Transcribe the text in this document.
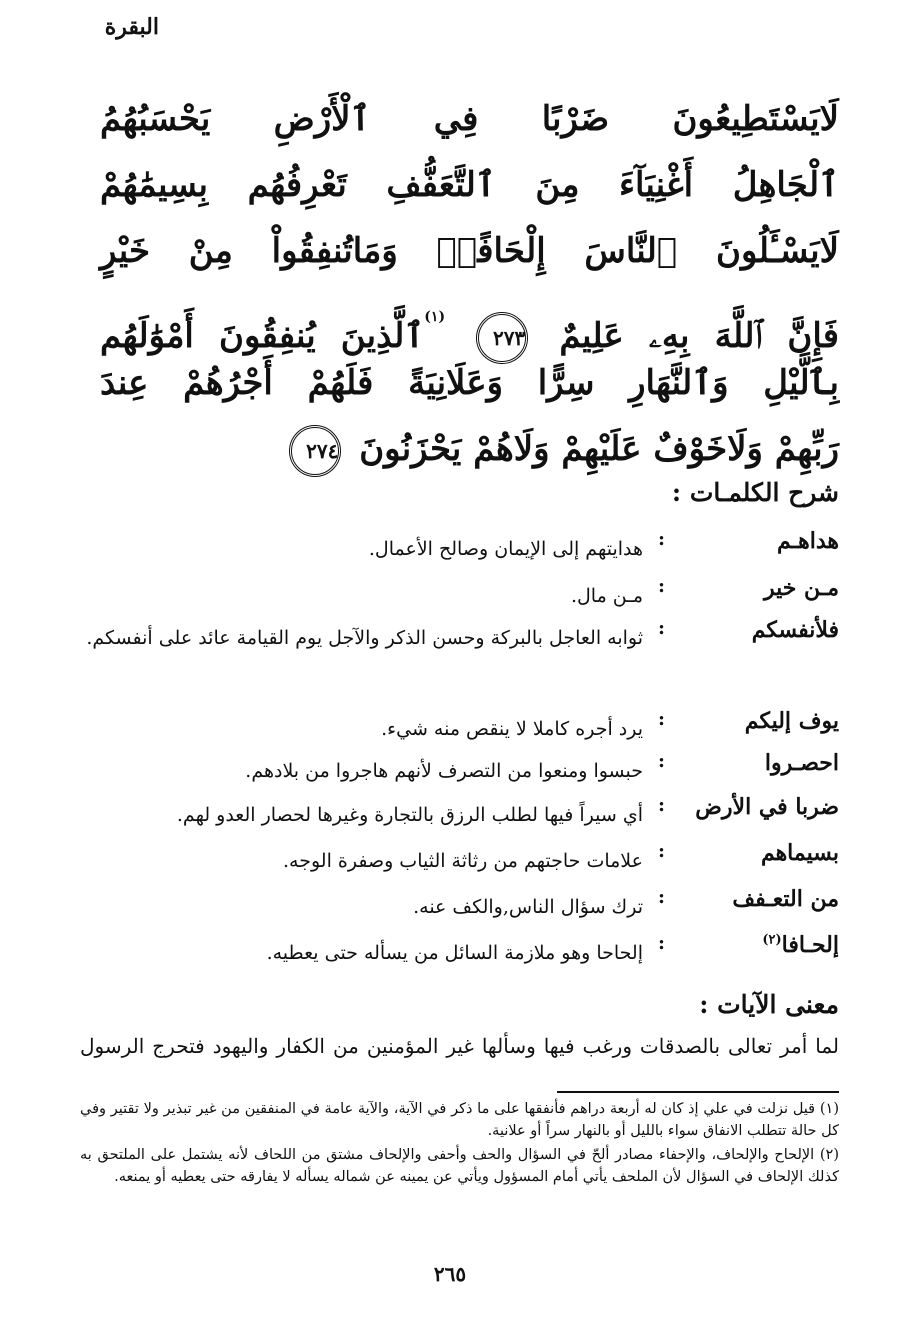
البقرة
لَايَسْتَطِيعُونَ ضَرْبًا فِي ٱلْأَرْضِ يَحْسَبُهُمُ
ٱلْجَاهِلُ أَغْنِيَآءَ مِنَ ٱلتَّعَفُّفِ تَعْرِفُهُم بِسِيمَٰهُمْ
لَايَسْـَٔلُونَ ٱلنَّاسَ إِلْحَافًاۗ وَمَاتُنفِقُواْ مِنْ خَيْرٍ
فَإِنَّ ٱللَّهَ بِهِۦ عَلِيمٌ ٢٧٣ $^{(١)}$ٱلَّذِينَ يُنفِقُونَ أَمْوَٰلَهُم
بِٱلَّيْلِ وَٱلنَّهَارِ سِرًّا وَعَلَانِيَةً فَلَهُمْ أَجْرُهُمْ عِندَ
رَبِّهِمْ وَلَاخَوْفٌ عَلَيْهِمْ وَلَاهُمْ يَحْزَنُونَ ٢٧٤
شرح الكلمـات :
هداهـم
:
هدايتهم إلى الإيمان وصالح الأعمال.
مـن خير
:
مـن مال.
فلأنفسكم
:
ثوابه العاجل بالبركة وحسن الذكر والآجل يوم القيامة عائد على أنفسكم.
يوف إليكم
:
يرد أجره كاملا لا ينقص منه شيء.
احصـروا
:
حبسوا ومنعوا من التصرف لأنهم هاجروا من بلادهم.
ضربا في الأرض
:
أي سيراً فيها لطلب الرزق بالتجارة وغيرها لحصار العدو لهم.
بسيماهم
:
علامات حاجتهم من رثاثة الثياب وصفرة الوجه.
من التعـفف
:
ترك سؤال الناس,والكف عنه.
إلحـافا$^{(٢)}$
:
إلحاحا وهو ملازمة السائل من يسأله حتى يعطيه.
معنى الآيات :
لما أمر تعالى بالصدقات ورغب فيها وسألها غير المؤمنين من الكفار واليهود فتحرج الرسول
(١) قيل نزلت في علي إذ كان له أربعة دراهم فأنفقها على ما ذكر في الآية، والآية عامة في المنفقين من غير تبذير ولا تقتير وفي كل حالة تتطلب الانفاق سواء بالليل أو بالنهار سراً أو علانية.
(٢) الإلحاح والإلحاف، والإحفاء مصادر ألحّ في السؤال والحف وأحفى والإلحاف مشتق من اللحاف لأنه يشتمل على الملتحق به كذلك الإلحاف في السؤال لأن الملحف يأتي أمام المسؤول ويأتي عن يمينه عن شماله يسأله لا يفارقه حتى يعطيه أو يمنعه.
٢٦٥
